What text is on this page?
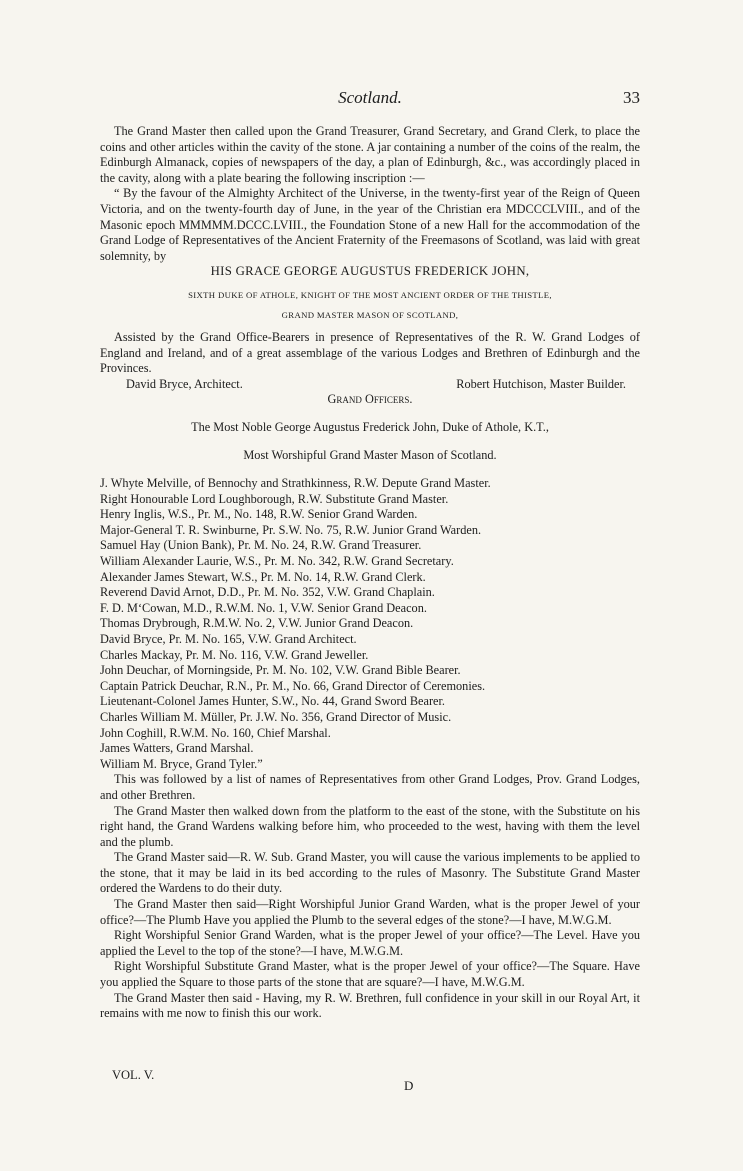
Scotland.	33

The Grand Master then called upon the Grand Treasurer, Grand Secretary, and Grand Clerk, to place the coins and other articles within the cavity of the stone. A jar containing a number of the coins of the realm, the Edinburgh Almanack, copies of newspapers of the day, a plan of Edinburgh, &c., was accordingly placed in the cavity, along with a plate bearing the following inscription :—

“ By the favour of the Almighty Architect of the Universe, in the twenty-first year of the Reign of Queen Victoria, and on the twenty-fourth day of June, in the year of the Christian era MDCCCLVIII., and of the Masonic epoch MMMMM.DCCC.LVIII., the Foundation Stone of a new Hall for the accommodation of the Grand Lodge of Representatives of the Ancient Fraternity of the Freemasons of Scotland, was laid with great solemnity, by

HIS GRACE GEORGE AUGUSTUS FREDERICK JOHN,

SIXTH DUKE OF ATHOLE, KNIGHT OF THE MOST ANCIENT ORDER OF THE THISTLE,

GRAND MASTER MASON OF SCOTLAND,

Assisted by the Grand Office-Bearers in presence of Representatives of the R. W. Grand Lodges of England and Ireland, and of a great assemblage of the various Lodges and Brethren of Edinburgh and the Provinces.

David Bryce, Architect.	Robert Hutchison, Master Builder.

Grand Officers.

The Most Noble George Augustus Frederick John, Duke of Athole, K.T.,

Most Worshipful Grand Master Mason of Scotland.

J. Whyte Melville, of Bennochy and Strathkinness, R.W. Depute Grand Master.
Right Honourable Lord Loughborough, R.W. Substitute Grand Master.
Henry Inglis, W.S., Pr. M., No. 148, R.W. Senior Grand Warden.
Major-General T. R. Swinburne, Pr. S.W. No. 75, R.W. Junior Grand Warden.
Samuel Hay (Union Bank), Pr. M. No. 24, R.W. Grand Treasurer.
William Alexander Laurie, W.S., Pr. M. No. 342, R.W. Grand Secretary.
Alexander James Stewart, W.S., Pr. M. No. 14, R.W. Grand Clerk.
Reverend David Arnot, D.D., Pr. M. No. 352, V.W. Grand Chaplain.
F. D. M‘Cowan, M.D., R.W.M. No. 1, V.W. Senior Grand Deacon.
Thomas Drybrough, R.M.W. No. 2, V.W. Junior Grand Deacon.
David Bryce, Pr. M. No. 165, V.W. Grand Architect.
Charles Mackay, Pr. M. No. 116, V.W. Grand Jeweller.
John Deuchar, of Morningside, Pr. M. No. 102, V.W. Grand Bible Bearer.
Captain Patrick Deuchar, R.N., Pr. M., No. 66, Grand Director of Ceremonies.
Lieutenant-Colonel James Hunter, S.W., No. 44, Grand Sword Bearer.
Charles William M. Müller, Pr. J.W. No. 356, Grand Director of Music.
John Coghill, R.W.M. No. 160, Chief Marshal.
James Watters, Grand Marshal.
William M. Bryce, Grand Tyler.”

This was followed by a list of names of Representatives from other Grand Lodges, Prov. Grand Lodges, and other Brethren.

The Grand Master then walked down from the platform to the east of the stone, with the Substitute on his right hand, the Grand Wardens walking before him, who proceeded to the west, having with them the level and the plumb.

The Grand Master said—R. W. Sub. Grand Master, you will cause the various implements to be applied to the stone, that it may be laid in its bed according to the rules of Masonry. The Substitute Grand Master ordered the Wardens to do their duty.

The Grand Master then said—Right Worshipful Junior Grand Warden, what is the proper Jewel of your office?—The Plumb Have you applied the Plumb to the several edges of the stone?—I have, M.W.G.M.

Right Worshipful Senior Grand Warden, what is the proper Jewel of your office?—The Level. Have you applied the Level to the top of the stone?—I have, M.W.G.M.

Right Worshipful Substitute Grand Master, what is the proper Jewel of your office?—The Square. Have you applied the Square to those parts of the stone that are square?—I have, M.W.G.M.

The Grand Master then said - Having, my R. W. Brethren, full confidence in your skill in our Royal Art, it remains with me now to finish this our work.

VOL. V.
D
